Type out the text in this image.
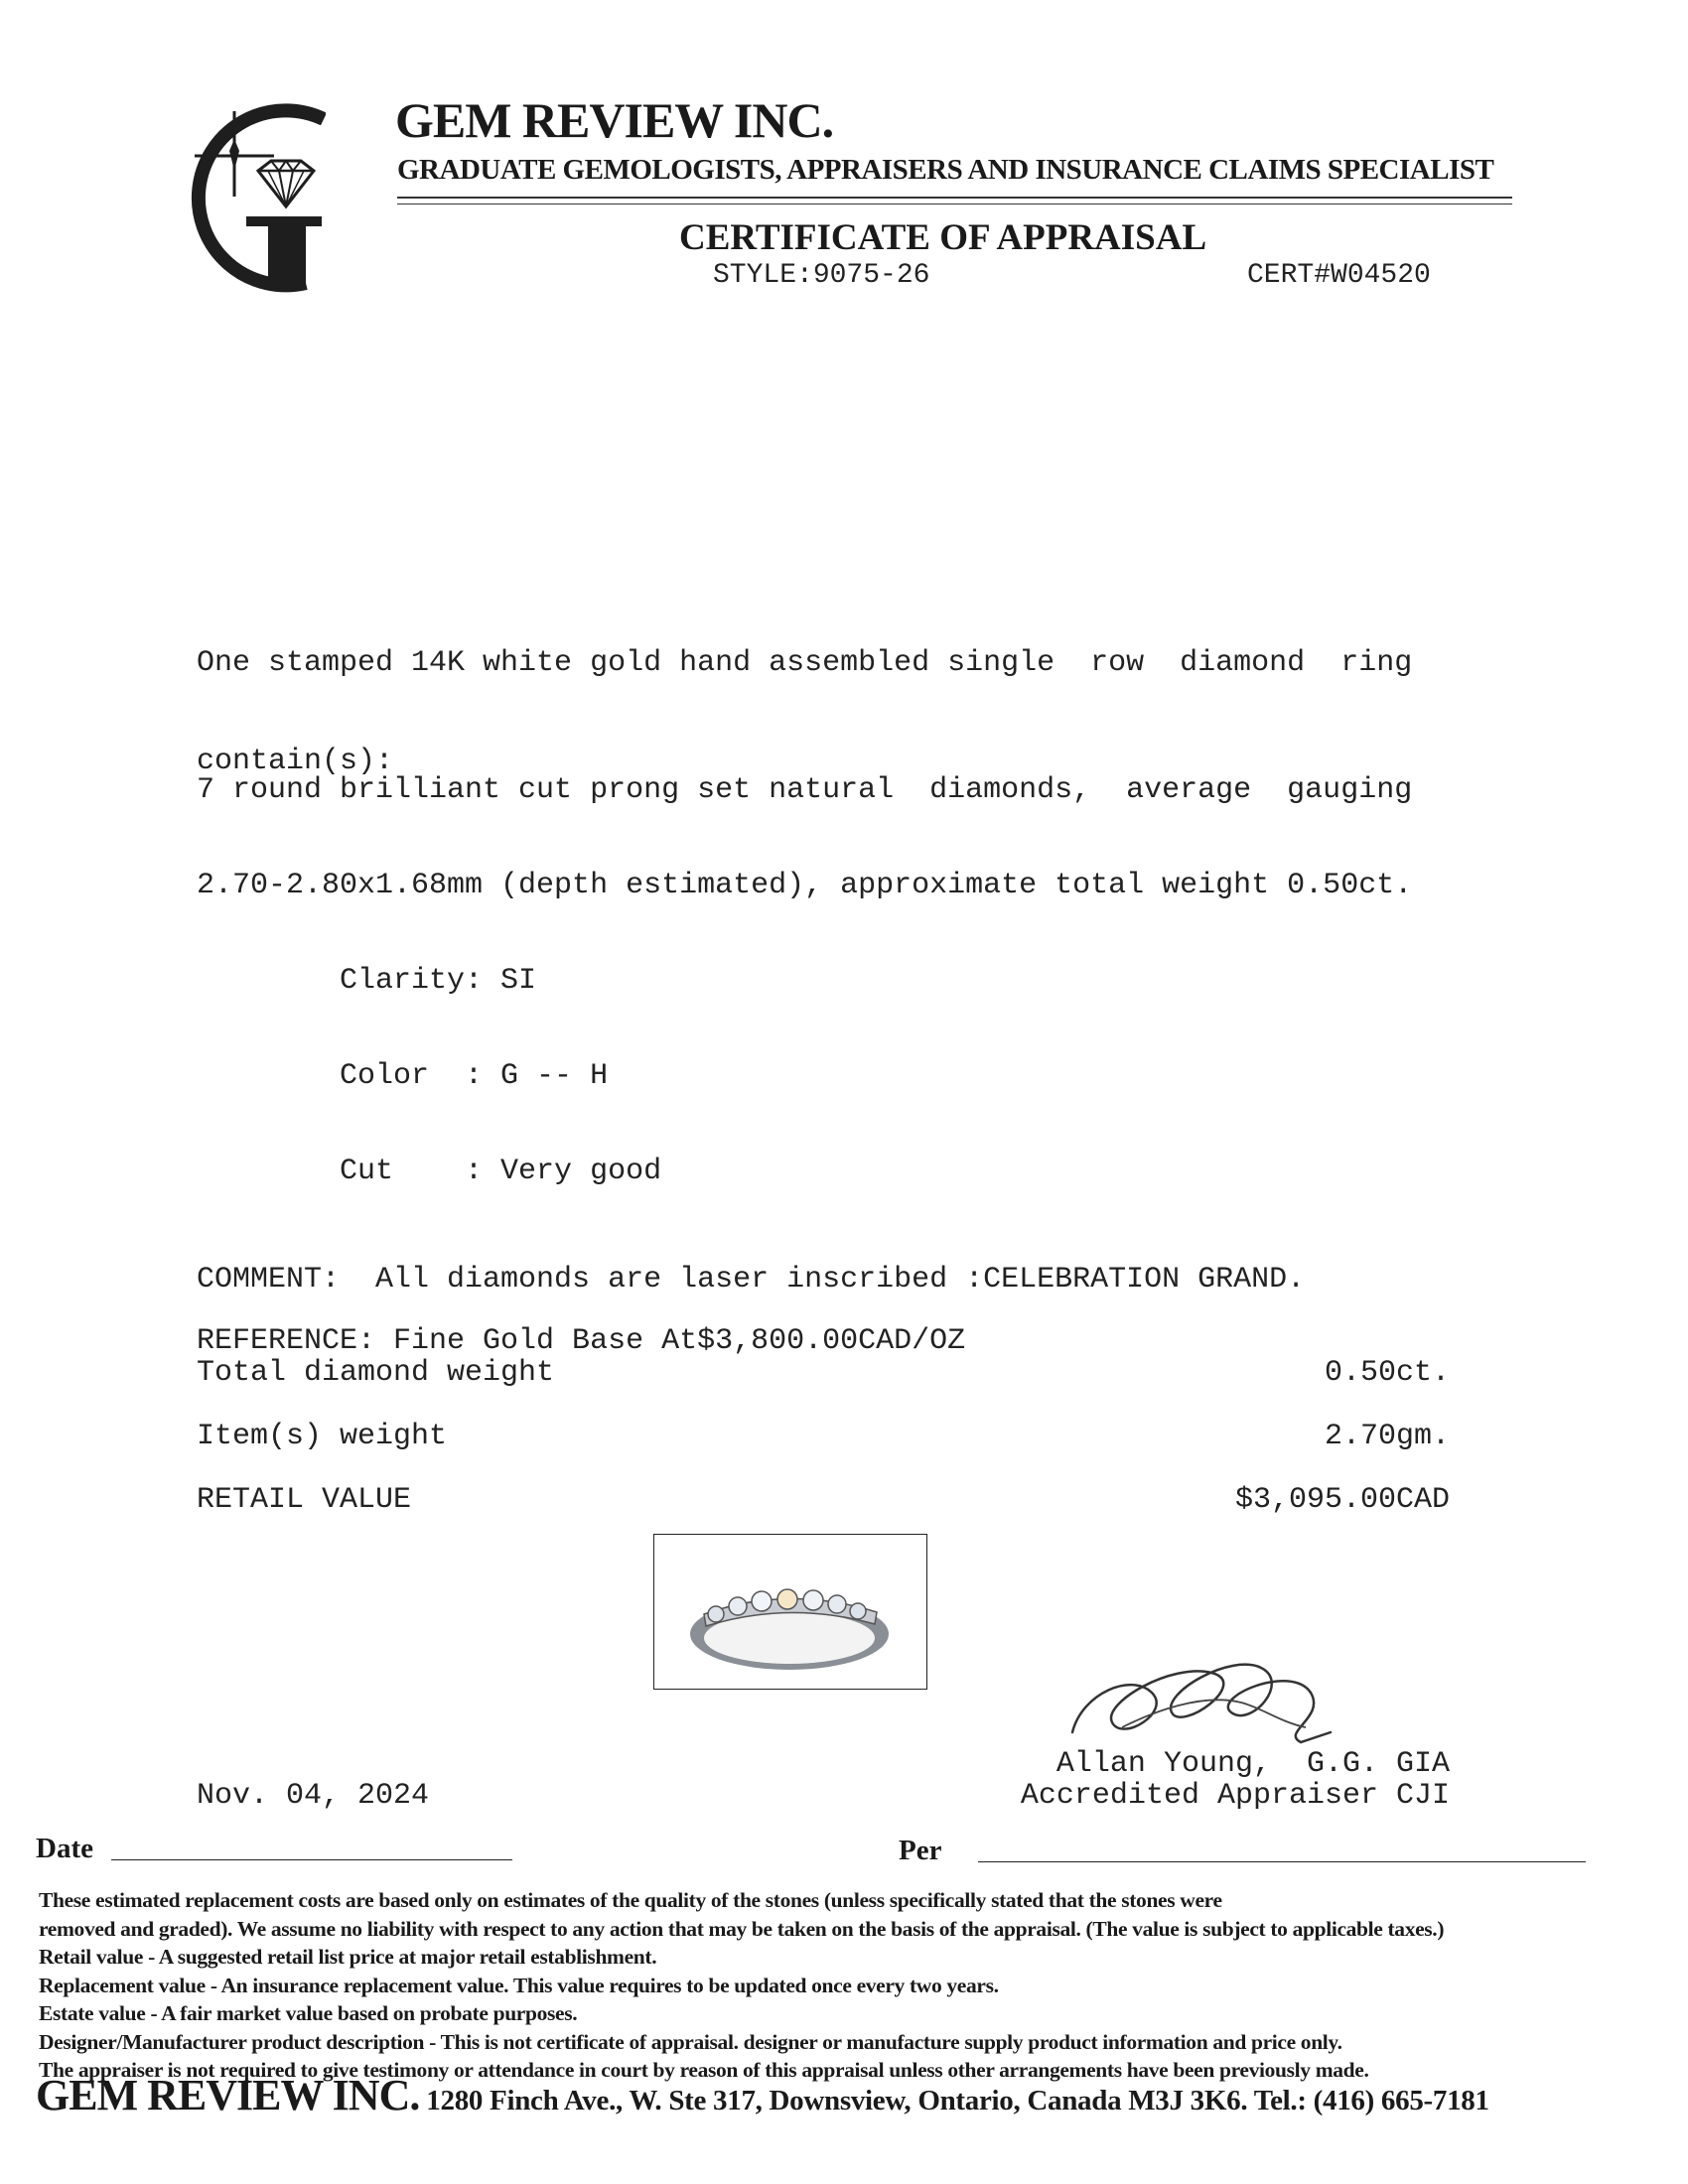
GEM REVIEW INC.
GRADUATE GEMOLOGISTS, APPRAISERS AND INSURANCE CLAIMS SPECIALIST
CERTIFICATE OF APPRAISAL
STYLE:9075-26	CERT#W04520

One stamped 14K white gold hand assembled single  row  diamond  ring

contain(s):

7 round brilliant cut prong set natural  diamonds,  average  gauging

2.70-2.80x1.68mm (depth estimated), approximate total weight 0.50ct.

Clarity: SI

Color  : G -- H

Cut    : Very good

COMMENT:  All diamonds are laser inscribed :CELEBRATION GRAND.
REFERENCE: Fine Gold Base At$3,800.00CAD/OZ
Total diamond weight	0.50ct.
Item(s) weight	2.70gm.
RETAIL VALUE	$3,095.00CAD
Allan Young,  G.G. GIA
Accredited Appraiser CJI
Nov. 04, 2024
Date	Per
These estimated replacement costs are based only on estimates of the quality of the stones (unless specifically stated that the stones were
removed and graded). We assume no liability with respect to any action that may be taken on the basis of the appraisal. (The value is subject to applicable taxes.)
Retail value - A suggested retail list price at major retail establishment.
Replacement value - An insurance replacement value. This value requires to be updated once every two years.
Estate value - A fair market value based on probate purposes.
Designer/Manufacturer product description - This is not certificate of appraisal. designer or manufacture supply product information and price only.
The appraiser is not required to give testimony or attendance in court by reason of this appraisal unless other arrangements have been previously made.
GEM REVIEW INC. 1280 Finch Ave., W. Ste 317, Downsview, Ontario, Canada M3J 3K6. Tel.: (416) 665-7181
